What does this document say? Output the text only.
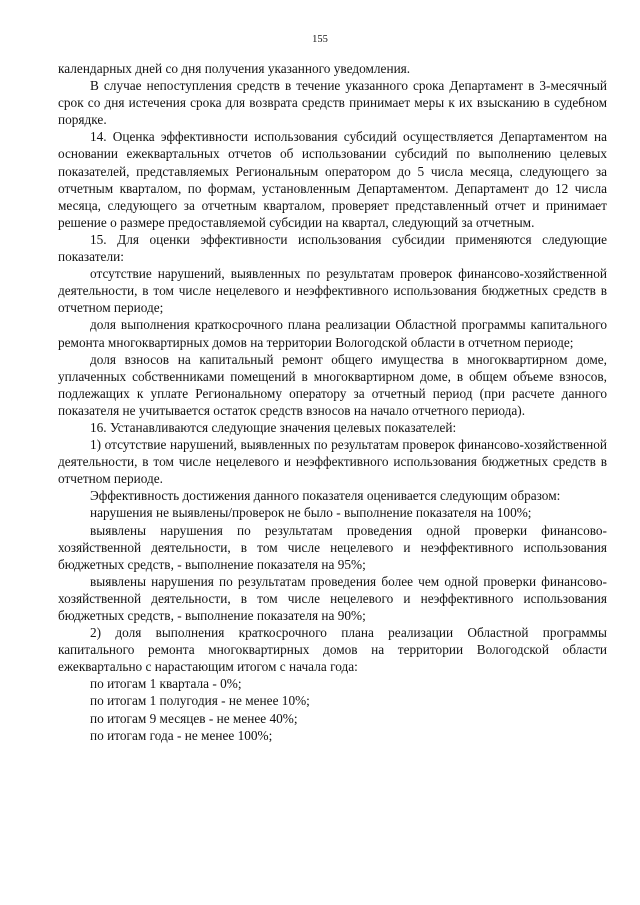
155

календарных дней со дня получения указанного уведомления.

В случае непоступления средств в течение указанного срока Департамент в 3-месячный срок со дня истечения срока для возврата средств принимает меры к их взысканию в судебном порядке.

14. Оценка эффективности использования субсидий осуществляется Департаментом на основании ежеквартальных отчетов об использовании субсидий по выполнению целевых показателей, представляемых Региональным оператором до 5 числа месяца, следующего за отчетным кварталом, по формам, установленным Департаментом. Департамент до 12 числа месяца, следующего за отчетным кварталом, проверяет представленный отчет и принимает решение о размере предоставляемой субсидии на квартал, следующий за отчетным.

15. Для оценки эффективности использования субсидии применяются следующие показатели:

отсутствие нарушений, выявленных по результатам проверок финансово-хозяйственной деятельности, в том числе нецелевого и неэффективного использования бюджетных средств в отчетном периоде;

доля выполнения краткосрочного плана реализации Областной программы капитального ремонта многоквартирных домов на территории Вологодской области в отчетном периоде;

доля взносов на капитальный ремонт общего имущества в многоквартирном доме, уплаченных собственниками помещений в многоквартирном доме, в общем объеме взносов, подлежащих к уплате Региональному оператору за отчетный период (при расчете данного показателя не учитывается остаток средств взносов на начало отчетного периода).

16. Устанавливаются следующие значения целевых показателей:

1) отсутствие нарушений, выявленных по результатам проверок финансово-хозяйственной деятельности, в том числе нецелевого и неэффективного использования бюджетных средств в отчетном периоде.

Эффективность достижения данного показателя оценивается следующим образом:

нарушения не выявлены/проверок не было - выполнение показателя на 100%;

выявлены нарушения по результатам проведения одной проверки финансово-хозяйственной деятельности, в том числе нецелевого и неэффективного использования бюджетных средств, - выполнение показателя на 95%;

выявлены нарушения по результатам проведения более чем одной проверки финансово-хозяйственной деятельности, в том числе нецелевого и неэффективного использования бюджетных средств, - выполнение показателя на 90%;

2) доля выполнения краткосрочного плана реализации Областной программы капитального ремонта многоквартирных домов на территории Вологодской области ежеквартально с нарастающим итогом с начала года:

по итогам 1 квартала - 0%;
по итогам 1 полугодия - не менее 10%;
по итогам 9 месяцев - не менее 40%;
по итогам года - не менее 100%;
